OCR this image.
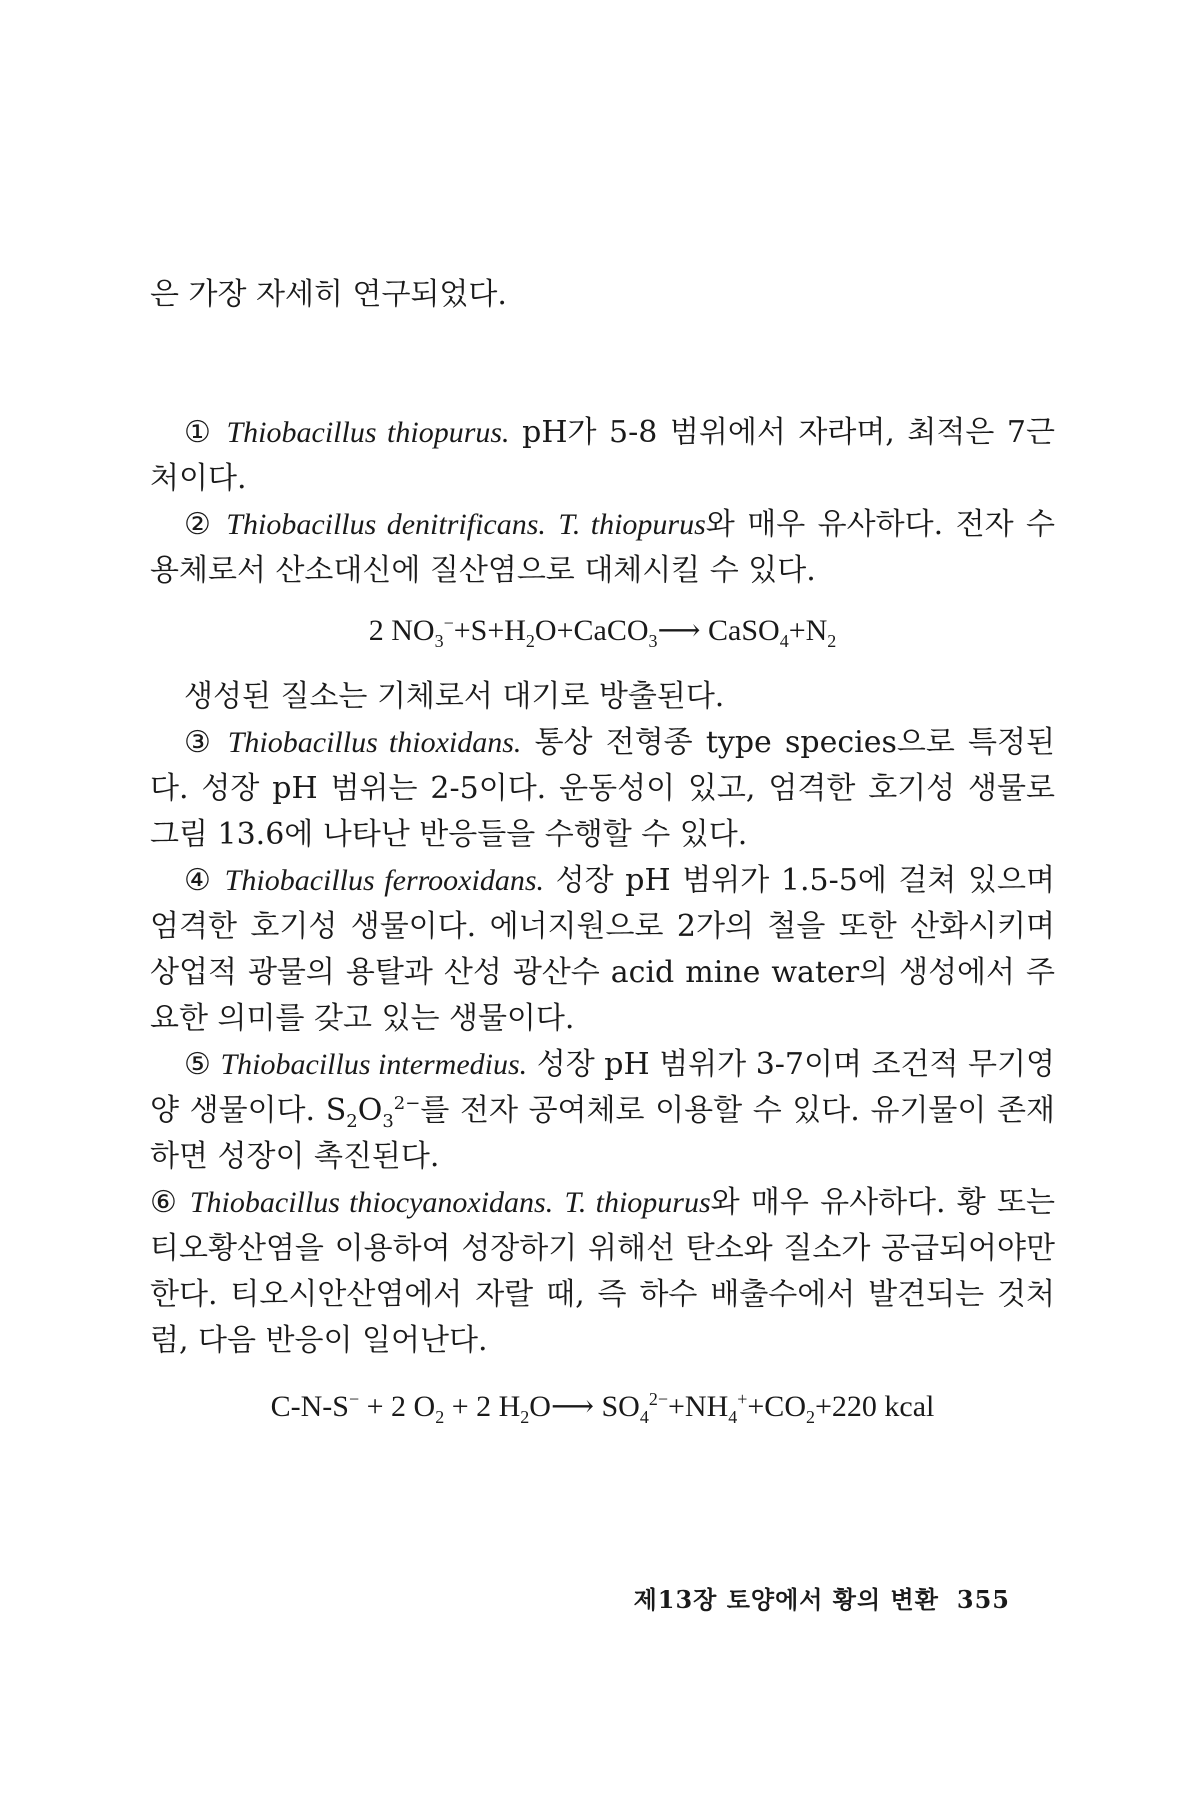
은 가장 자세히 연구되었다.

① Thiobacillus thiopurus. pH가 5-8 범위에서 자라며, 최적은 7근처이다.

② Thiobacillus denitrificans. T. thiopurus와 매우 유사하다. 전자 수용체로서 산소대신에 질산염으로 대체시킬 수 있다.

2 $NO_3^-+S+H_2O+CaCO_3⟶$ $CaSO_4+N_2$

생성된 질소는 기체로서 대기로 방출된다.

③ Thiobacillus thioxidans. 통상 전형종 type species으로 특정된다. 성장 pH 범위는 2-5이다. 운동성이 있고, 엄격한 호기성 생물로 그림 13.6에 나타난 반응들을 수행할 수 있다.

④ Thiobacillus ferrooxidans. 성장 pH 범위가 1.5-5에 걸쳐 있으며 엄격한 호기성 생물이다. 에너지원으로 2가의 철을 또한 산화시키며 상업적 광물의 용탈과 산성 광산수 acid mine water의 생성에서 주요한 의미를 갖고 있는 생물이다.

⑤ Thiobacillus intermedius. 성장 pH 범위가 3-7이며 조건적 무기영양 생물이다. $S_2O_3^{2-}$를 전자 공여체로 이용할 수 있다. 유기물이 존재하면 성장이 촉진된다.

⑥ Thiobacillus thiocyanoxidans. T. thiopurus와 매우 유사하다. 황 또는 티오황산염을 이용하여 성장하기 위해선 탄소와 질소가 공급되어야만 한다. 티오시안산염에서 자랄 때, 즉 하수 배출수에서 발견되는 것처럼, 다음 반응이 일어난다.

C-N-S− + 2 $O_2 + 2$ $H_2O⟶$ $SO_4^{2-}+NH_4^++CO_2+220$ kcal
제13장 토양에서 황의 변환 355
